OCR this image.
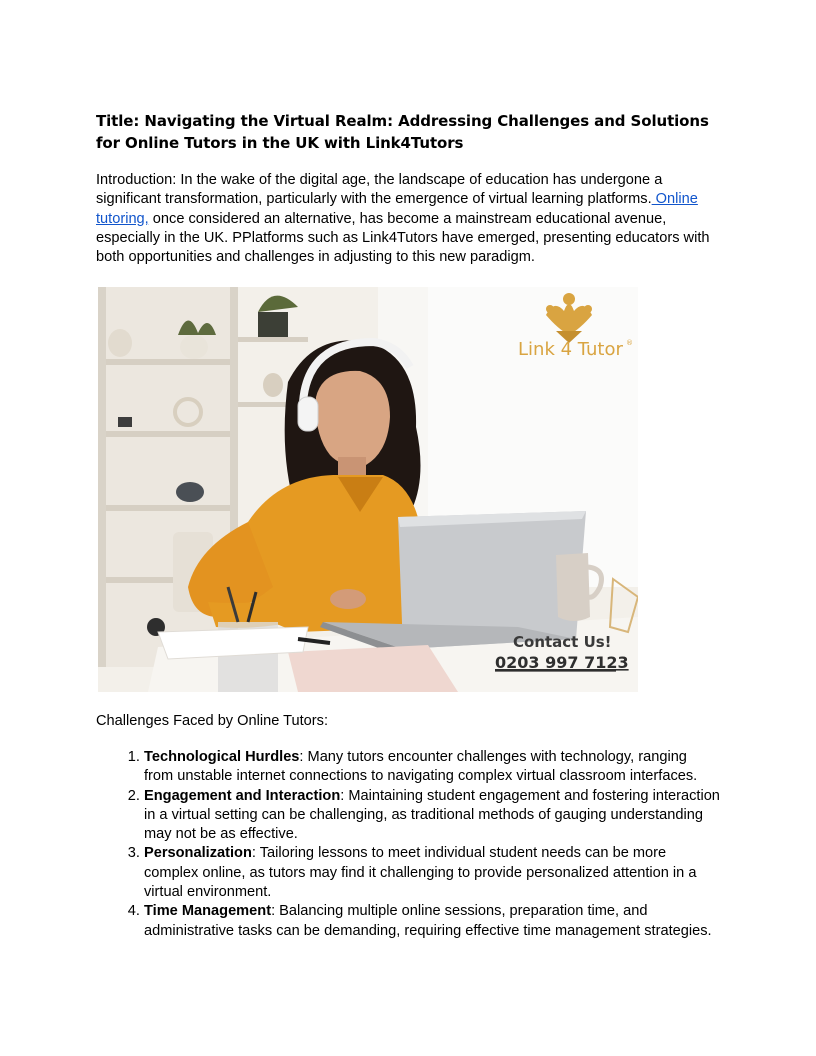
Title: Navigating the Virtual Realm: Addressing Challenges and Solutions for Online Tutors in the UK with Link4Tutors

Introduction: In the wake of the digital age, the landscape of education has undergone a significant transformation, particularly with the emergence of virtual learning platforms. Online tutoring, once considered an alternative, has become a mainstream educational avenue, especially in the UK. PPlatforms such as Link4Tutors have emerged, presenting educators with both opportunities and challenges in adjusting to this new paradigm.

Link 4 Tutor ®
Contact Us!
0203 997 7123

Challenges Faced by Online Tutors:

1. Technological Hurdles: Many tutors encounter challenges with technology, ranging from unstable internet connections to navigating complex virtual classroom interfaces.
2. Engagement and Interaction: Maintaining student engagement and fostering interaction in a virtual setting can be challenging, as traditional methods of gauging understanding may not be as effective.
3. Personalization: Tailoring lessons to meet individual student needs can be more complex online, as tutors may find it challenging to provide personalized attention in a virtual environment.
4. Time Management: Balancing multiple online sessions, preparation time, and administrative tasks can be demanding, requiring effective time management strategies.
